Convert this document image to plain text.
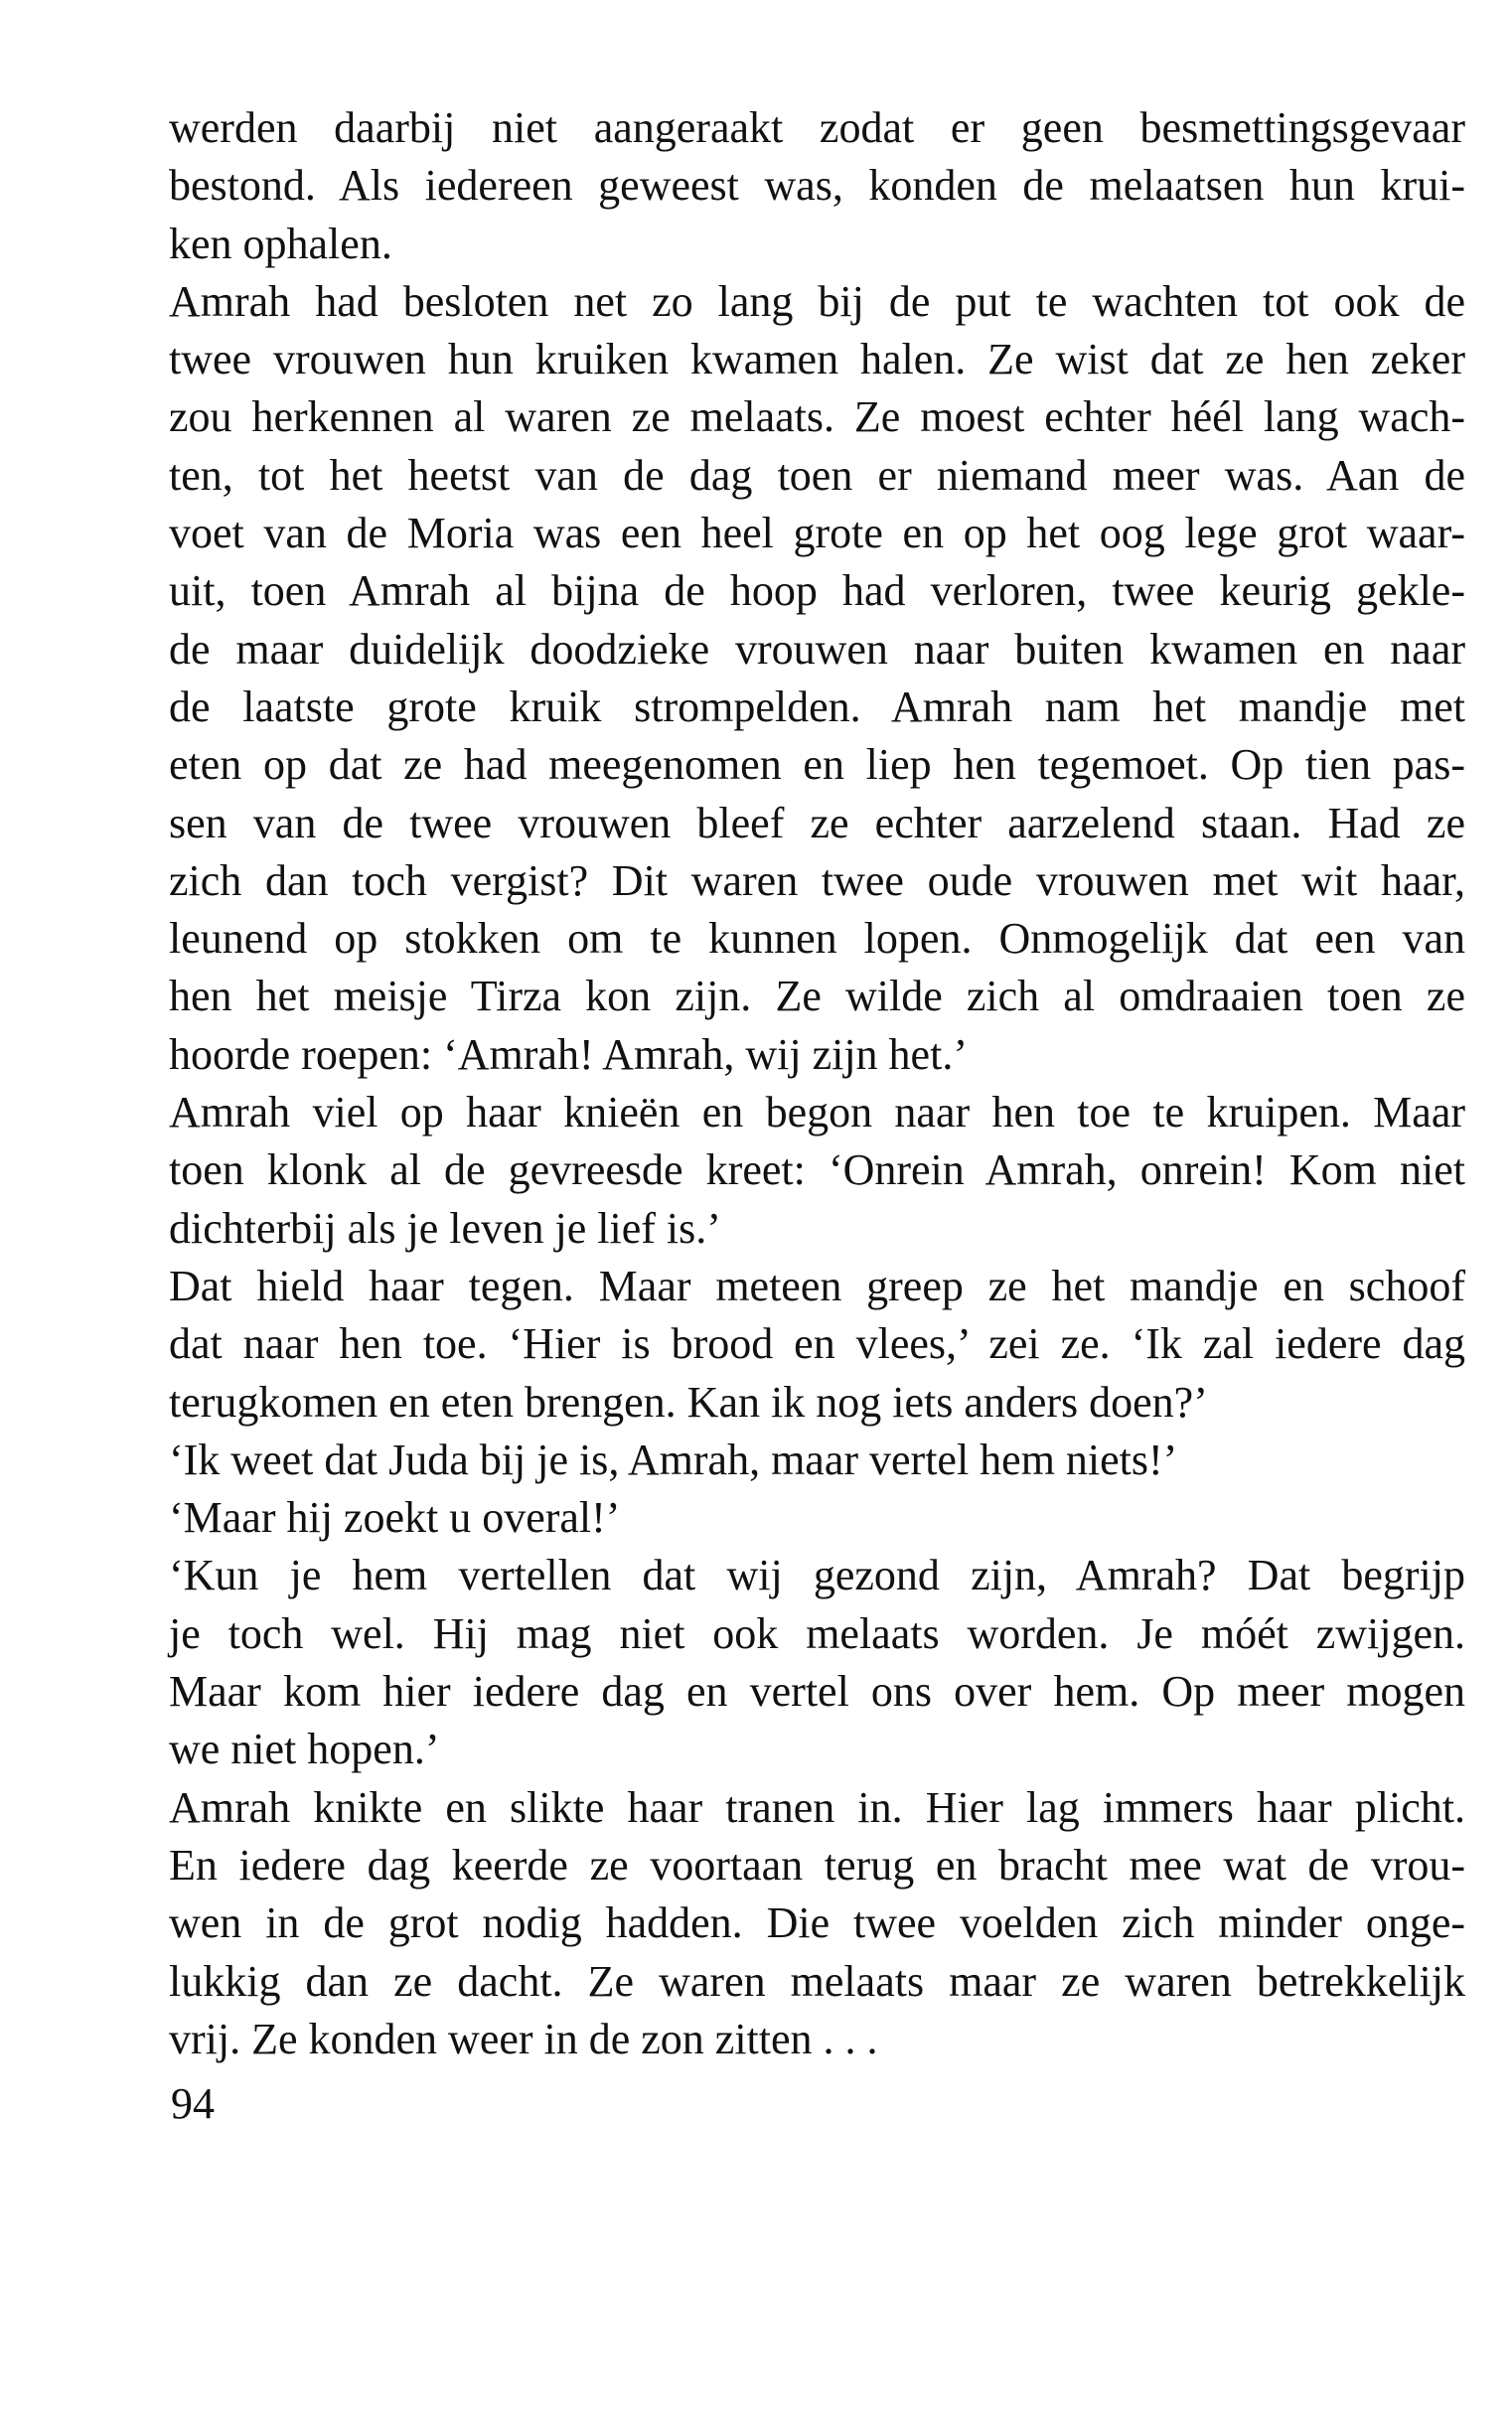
werden daarbij niet aangeraakt zodat er geen besmettingsgevaar
bestond. Als iedereen geweest was, konden de melaatsen hun krui-
ken ophalen.
Amrah had besloten net zo lang bij de put te wachten tot ook de
twee vrouwen hun kruiken kwamen halen. Ze wist dat ze hen zeker
zou herkennen al waren ze melaats. Ze moest echter héél lang wach-
ten, tot het heetst van de dag toen er niemand meer was. Aan de
voet van de Moria was een heel grote en op het oog lege grot waar-
uit, toen Amrah al bijna de hoop had verloren, twee keurig gekle-
de maar duidelijk doodzieke vrouwen naar buiten kwamen en naar
de laatste grote kruik strompelden. Amrah nam het mandje met
eten op dat ze had meegenomen en liep hen tegemoet. Op tien pas-
sen van de twee vrouwen bleef ze echter aarzelend staan. Had ze
zich dan toch vergist? Dit waren twee oude vrouwen met wit haar,
leunend op stokken om te kunnen lopen. Onmogelijk dat een van
hen het meisje Tirza kon zijn. Ze wilde zich al omdraaien toen ze
hoorde roepen: ‘Amrah! Amrah, wij zijn het.’
Amrah viel op haar knieën en begon naar hen toe te kruipen. Maar
toen klonk al de gevreesde kreet: ‘Onrein Amrah, onrein! Kom niet
dichterbij als je leven je lief is.’
Dat hield haar tegen. Maar meteen greep ze het mandje en schoof
dat naar hen toe. ‘Hier is brood en vlees,’ zei ze. ‘Ik zal iedere dag
terugkomen en eten brengen. Kan ik nog iets anders doen?’
‘Ik weet dat Juda bij je is, Amrah, maar vertel hem niets!’
‘Maar hij zoekt u overal!’
‘Kun je hem vertellen dat wij gezond zijn, Amrah? Dat begrijp
je toch wel. Hij mag niet ook melaats worden. Je móét zwijgen.
Maar kom hier iedere dag en vertel ons over hem. Op meer mogen
we niet hopen.’
Amrah knikte en slikte haar tranen in. Hier lag immers haar plicht.
En iedere dag keerde ze voortaan terug en bracht mee wat de vrou-
wen in de grot nodig hadden. Die twee voelden zich minder onge-
lukkig dan ze dacht. Ze waren melaats maar ze waren betrekkelijk
vrij. Ze konden weer in de zon zitten . . .
94
